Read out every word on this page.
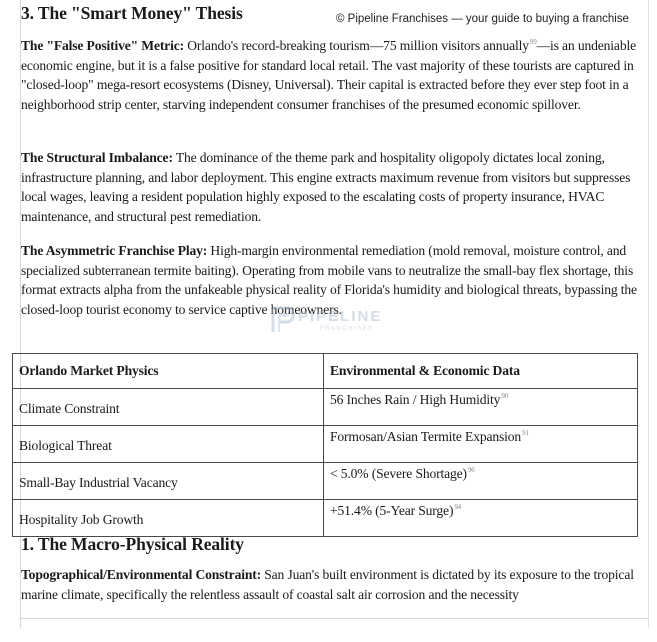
3. The "Smart Money" Thesis	© Pipeline Franchises — your guide to buying a franchise
The "False Positive" Metric: Orlando's record-breaking tourism—75 million visitors annually$^{99}$—is an undeniable economic engine, but it is a false positive for standard local retail. The vast majority of these tourists are captured in "closed-loop" mega-resort ecosystems (Disney, Universal). Their capital is extracted before they ever step foot in a neighborhood strip center, starving independent consumer franchises of the presumed economic spillover.
The Structural Imbalance: The dominance of the theme park and hospitality oligopoly dictates local zoning, infrastructure planning, and labor deployment. This engine extracts maximum revenue from visitors but suppresses local wages, leaving a resident population highly exposed to the escalating costs of property insurance, HVAC maintenance, and structural pest remediation.
The Asymmetric Franchise Play: High-margin environmental remediation (mold removal, moisture control, and specialized subterranean termite baiting). Operating from mobile vans to neutralize the small-bay flex shortage, this format extracts alpha from the unfakeable physical reality of Florida's humidity and biological threats, bypassing the closed-loop tourist economy to service captive homeowners.
PIPELINE
FRANCHISES
Orlando Market Physics	Environmental & Economic Data
Climate Constraint	56 Inches Rain / High Humidity$^{90}$
Biological Threat	Formosan/Asian Termite Expansion$^{91}$
Small-Bay Industrial Vacancy	< 5.0% (Severe Shortage)$^{96}$
Hospitality Job Growth	+51.4% (5-Year Surge)$^{94}$
1. The Macro-Physical Reality
Topographical/Environmental Constraint: San Juan's built environment is dictated by its exposure to the tropical marine climate, specifically the relentless assault of coastal salt air corrosion and the necessity
